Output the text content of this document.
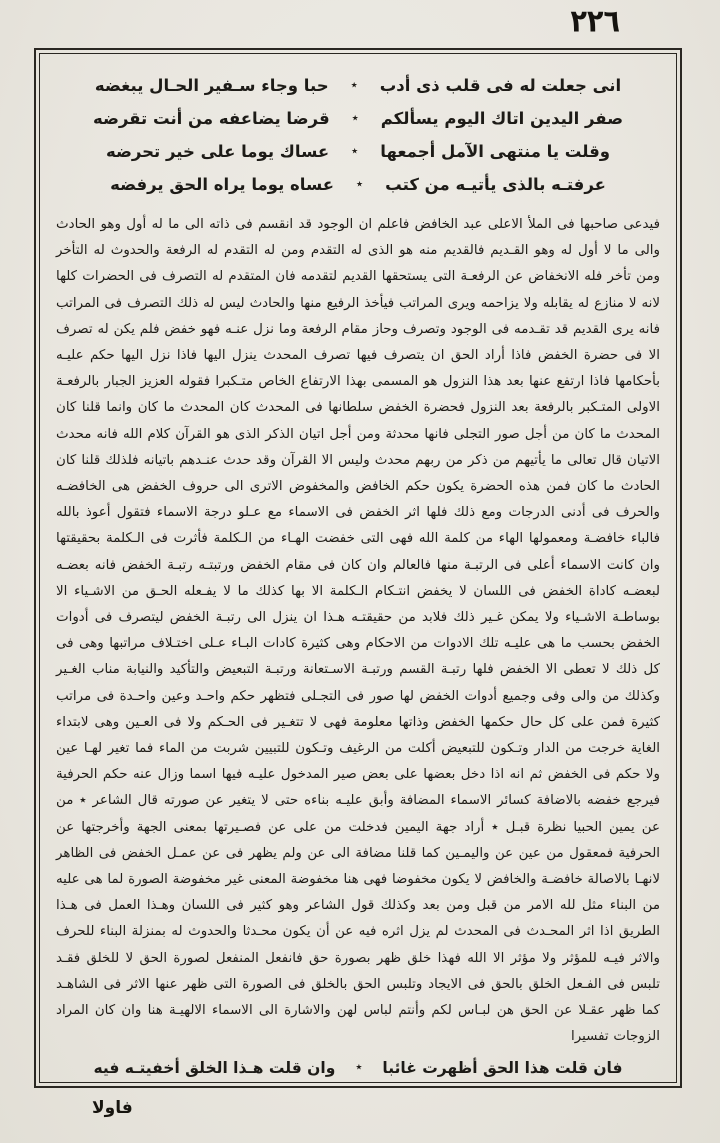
٢٢٦
انى جعلت له فى قلب ذى أدب
٭
حبا وجاء سـفير الحـال يبغضه
صفر اليدين اتاك اليوم يسألكم
٭
قرضا يضاعفه من أنت تقرضه
وقلت يا منتهى الآمل أجمعها
٭
عساك يوما على خير تحرضه
عرفتـه بالذى يأتيـه من كتب
٭
عساه يوما يراه الحق يرفضه

فيدعى صاحبها فى الملأ الاعلى عبد الخافض فاعلم ان الوجود قد انقسم فى ذاته الى ما له أول وهو الحادث والى ما لا أول له وهو القـديم فالقديم منه هو الذى له التقدم ومن له التقدم له الرفعة والحدوث له التأخر ومن تأخر فله الانخفاض عن الرفعـة التى يستحقها القديم لتقدمه فان المتقدم له التصرف فى الحضرات كلها لانه لا منازع له يقابله ولا يزاحمه ويرى المراتب فيأخذ الرفيع منها والحادث ليس له ذلك التصرف فى المراتب فانه يرى القديم قد تقـدمه فى الوجود وتصرف وحاز مقام الرفعة وما نزل عنـه فهو خفض فلم يكن له تصرف الا فى حضرة الخفض فاذا أراد الحق ان يتصرف فيها تصرف المحدث ينزل اليها فاذا نزل اليها حكم عليـه بأحكامها فاذا ارتفع عنها بعد هذا النزول هو المسمى بهذا الارتفاع الخاص متـكبرا فقوله العزيز الجبار بالرفعـة الاولى المتـكبر بالرفعة بعد النزول فحضرة الخفض سلطانها فى المحدث كان المحدث ما كان وانما قلنا كان المحدث ما كان من أجل صور التجلى فانها محدثة ومن أجل اتيان الذكر الذى هو القرآن كلام الله فانه محدث الاتيان قال تعالى ما يأتيهم من ذكر من ربهم محدث وليس الا القرآن وقد حدث عنـدهم باتيانه فلذلك قلنا كان الحادث ما كان فمن هذه الحضرة يكون حكم الخافض والمخفوض الاترى الى حروف الخفض هى الخافضـه والحرف فى أدنى الدرجات ومع ذلك فلها اثر الخفض فى الاسماء مع عـلو درجة الاسماء فتقول أعوذ بالله فالباء خافضـة ومعمولها الهاء من كلمة الله فهى التى خفضت الهـاء من الـكلمة فأثرت فى الـكلمة بحقيقتها وان كانت الاسماء أعلى فى الرتبـة منها فالعالم وان كان فى مقام الخفض ورتبتـه رتبـة الخفض فانه بعضـه لبعضـه كاداة الخفض فى اللسان لا يخفض انتـكام الـكلمة الا بها كذلك ما لا يفـعله الحـق من الاشـياء الا بوساطـة الاشـياء ولا يمكن غـير ذلك فلابد من حقيقتـه هـذا ان ينزل الى رتبـة الخفض ليتصرف فى أدوات الخفض بحسب ما هى عليـه تلك الادوات من الاحكام وهى كثيرة كادات البـاء عـلى اختـلاف مراتبها وهى فى كل ذلك لا تعطى الا الخفض فلها رتبـة القسم ورتبـة الاسـتعانة ورتبـة التبعيض والتأكيد والنيابة مناب الغـير وكذلك من والى وفى وجميع أدوات الخفض لها صور فى التجـلى فتظهر حكم واحـد وعين واحـدة فى مراتب كثيرة فمن على كل حال حكمها الخفض وذاتها معلومة فهى لا تتغـير فى الحـكم ولا فى العـين وهى لابتداء الغاية خرجت من الدار وتـكون للتبعيض أكلت من الرغيف وتـكون للتبيين شربت من الماء فما تغير لهـا عين ولا حكم فى الخفض ثم انه اذا دخل بعضها على بعض صير المدخول عليـه فيها اسما وزال عنه حكم الحرفية فيرجع خفضه بالاضافة كسائر الاسماء المضافة وأبق عليـه بناءه حتى لا يتغير عن صورته قال الشاعر ٭ من عن يمين الحبيا نظرة قبـل ٭ أراد جهة اليمين فدخلت من على عن فصـيرتها بمعنى الجهة وأخرجتها عن الحرفية فمعقول من عين عن واليمـين كما قلنا مضافة الى عن ولم يظهر فى عن عمـل الخفض فى الظاهر لانهـا بالاصالة خافضـة والخافض لا يكون مخفوضا فهى هنا مخفوضة المعنى غير مخفوضة الصورة لما هى عليه من البناء مثل لله الامر من قبل ومن بعد وكذلك قول الشاعر وهو كثير فى اللسان وهـذا العمل فى هـذا الطريق اذا اثر المحـدث فى المحدث لم يزل اثره فيه عن أن يكون محـدثا والحدوث له بمنزلة البناء للحرف والاثر فيـه للمؤثر ولا مؤثر الا الله فهذا خلق ظهر بصورة حق فانفعل المنفعل لصورة الحق لا للخلق فقـد تلبس فى الفـعل الخلق بالحق فى الايجاد وتلبس الحق بالخلق فى الصورة التى ظهر عنها الاثر فى الشاهـد كما ظهر عقـلا عن الحق هن لبـاس لكم وأنتم لباس لهن والاشارة الى الاسماء الالهيـة هنا وان كان المراد الزوجات تفسيرا

فان قلت هذا الحق أظهرت غائبا
٭
وان قلت هـذا الخلق أخفيتـه فيه
فاولا
